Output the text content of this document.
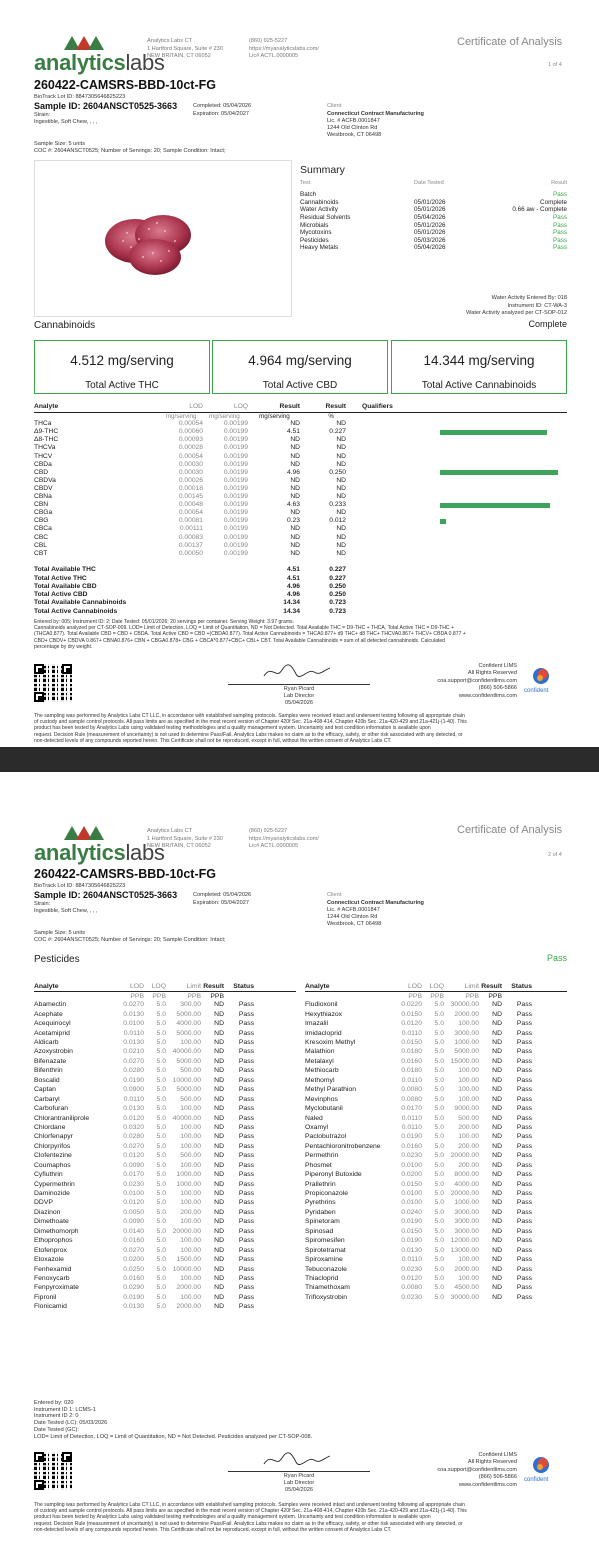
analyticslabs
Analytics Labs CT
1 Hartford Square, Suite # 230
NEW BRITAIN, CT 06052
(860) 925-5227
https://myanalyticslabs.com/
Lic# ACTL.0000005
Certificate of Analysis
1 of 4
260422-CAMSRS-BBD-10ct-FG
BioTrack Lot ID: 8847305646825223
Sample ID: 2604ANSCT0525-3663
Strain:
Ingestible, Soft Chew, , , ,
Completed: 05/04/2026
Expiration: 05/04/2027
Client
Connecticut Contract Manufacturing
Lic. # ACFB.0001847
1244 Old Clinton Rd
Westbrook, CT 06498
Sample Size: 5 units
COC #: 2604ANSCT0525; Number of Servings: 20; Sample Condition: Intact;
Summary
Test	Date Tested	Result
Batch	Pass
Cannabinoids	05/01/2026	Complete
Water Activity	05/01/2026	0.66 aw - Complete
Residual Solvents	05/04/2026	Pass
Microbials	05/01/2026	Pass
Mycotoxins	05/01/2026	Pass
Pesticides	05/03/2026	Pass
Heavy Metals	05/04/2026	Pass
Water Activity Entered By: 018
Instrument ID: CT-WA-3
Water Activity analyzed per CT-SOP-012
Cannabinoids	Complete
4.512 mg/serving
Total Active THC
4.964 mg/serving
Total Active CBD
14.344 mg/serving
Total Active Cannabinoids
Analyte	LOD	LOQ	Result	Result	Qualifiers
mg/serving	mg/serving	mg/serving	%
THCa	0.00054	0.00199	ND	ND
Δ9-THC	0.00060	0.00199	4.51	0.227
Δ8-THC	0.00093	0.00199	ND	ND
THCVa	0.00028	0.00199	ND	ND
THCV	0.00054	0.00199	ND	ND
CBDa	0.00030	0.00199	ND	ND
CBD	0.00030	0.00199	4.96	0.250
CBDVa	0.00026	0.00199	ND	ND
CBDV	0.00018	0.00199	ND	ND
CBNa	0.00145	0.00199	ND	ND
CBN	0.00048	0.00199	4.63	0.233
CBGa	0.00054	0.00199	ND	ND
CBG	0.00081	0.00199	0.23	0.012
CBCa	0.00111	0.00199	ND	ND
CBC	0.00083	0.00199	ND	ND
CBL	0.00137	0.00199	ND	ND
CBT	0.00050	0.00199	ND	ND
Total Available THC	4.51	0.227
Total Active THC	4.51	0.227
Total Available CBD	4.96	0.250
Total Active CBD	4.96	0.250
Total Available Cannabinoids	14.34	0.723
Total Active Cannabinoids	14.34	0.723
Entered by: 005; Instrument ID: 2; Date Tested: 05/01/2026; 20 servings per container. Serving Weight: 3.97 grams.
Cannabinoids analyzed per CT-SOP-009. LOD= Limit of Detection, LOQ = Limit of Quantitation, ND = Not Detected. Total Available THC = D9-THC + THCA. Total Active THC = D9-THC +
(THCA0.877). Total Available CBD = CBD + CBDA. Total Active CBD = CBD +(CBDA0.877). Total Active Cannabinoids = THCA0.877+ d9 THC+ d8 THC+ THCVA0.867+ THCV+ CBDA 0.877 +
CBD+ CBDV+ CBDVA 0.867+ CBNA0.876+ CBN + CBGA0.878+ CBG + CBCA*0.877+CBC+ CBL+ CBT. Total Available Cannabinoids = sum of all detected cannabinoids. Calculated
percentage by dry weight.
Ryan Picard
Lab Director
05/04/2026
Confident LIMS
All Rights Reserved
coa.support@confidentlims.com
(866) 506-5866
www.confidentlims.com
confident
The sampling was performed by Analytics Labs CT LLC, in accordance with established sampling protocols. Samples were received intact and underwent testing following all appropriate chain
of custody and sample control protocols. All pass limits are as specified in the most recent version of Chapter 420f Sec. 21a-408-414, Chapter 420b Sec. 21a-420-429 and 21a-421j-(1-40). This
product has been tested by Analytics Labs using validated testing methodologies and a quality management system. Uncertainty and test condition information is available upon
request. Decision Rule (measurement of uncertainty) is not used to determine Pass/Fail. Analytics Labs makes no claim as to the efficacy, safety, or other risk associated with any detected, or
non-detected levels of any compounds reported herein. This Certificate shall not be reproduced, except in full, without the written consent of Analytics Labs CT.
analyticslabs
Analytics Labs CT
1 Hartford Square, Suite # 230
NEW BRITAIN, CT 06052
(860) 925-5227
https://myanalyticslabs.com/
Lic# ACTL.0000005
Certificate of Analysis
2 of 4
260422-CAMSRS-BBD-10ct-FG
BioTrack Lot ID: 8847305646825223
Sample ID: 2604ANSCT0525-3663
Strain:
Ingestible, Soft Chew, , , ,
Completed: 05/04/2026
Expiration: 05/04/2027
Client
Connecticut Contract Manufacturing
Lic. # ACFB.0001847
1244 Old Clinton Rd
Westbrook, CT 06498
Sample Size: 5 units
COC #: 2604ANSCT0525; Number of Servings: 20; Sample Condition: Intact;
Pesticides	Pass
Analyte	LOD	LOQ	Limit Result	Status
PPB	PPB	PPB	PPB
Abamectin	0.0270	5.0	300.00	ND	Pass
Acephate	0.0130	5.0	5000.00	ND	Pass
Acequinocyl	0.0100	5.0	4000.00	ND	Pass
Acetamiprid	0.0110	5.0	5000.00	ND	Pass
Aldicarb	0.0130	5.0	100.00	ND	Pass
Azoxystrobin	0.0210	5.0 40000.00	ND	Pass
Bifenazate	0.0270	5.0	5000.00	ND	Pass
Bifenthrin	0.0280	5.0	500.00	ND	Pass
Boscalid	0.0190	5.0 10000.00	ND	Pass
Captan	0.0900	5.0	5000.00	ND	Pass
Carbaryl	0.0110	5.0	500.00	ND	Pass
Carbofuran	0.0130	5.0	100.00	ND	Pass
Chlorantraniliprole	0.0120	5.0 40000.00	ND	Pass
Chlordane	0.0320	5.0	100.00	ND	Pass
Chlorfenapyr	0.0280	5.0	100.00	ND	Pass
Chlorpyrifos	0.0270	5.0	100.00	ND	Pass
Clofentezine	0.0120	5.0	500.00	ND	Pass
Coumaphos	0.0090	5.0	100.00	ND	Pass
Cyfluthrin	0.0170	5.0	1000.00	ND	Pass
Cypermethrin	0.0230	5.0	1000.00	ND	Pass
Daminozide	0.0100	5.0	100.00	ND	Pass
DDVP	0.0120	5.0	100.00	ND	Pass
Diazinon	0.0050	5.0	200.00	ND	Pass
Dimethoate	0.0090	5.0	100.00	ND	Pass
Dimethomorph	0.0140	5.0 20000.00	ND	Pass
Ethoprophos	0.0160	5.0	100.00	ND	Pass
Etofenprox	0.0270	5.0	100.00	ND	Pass
Etoxazole	0.0200	5.0	1500.00	ND	Pass
Fenhexamid	0.0250	5.0 10000.00	ND	Pass
Fenoxycarb	0.0160	5.0	100.00	ND	Pass
Fenpyroximate	0.0290	5.0	2000.00	ND	Pass
Fipronil	0.0190	5.0	100.00	ND	Pass
Flonicamid	0.0130	5.0	2000.00	ND	Pass
Analyte	LOD	LOQ	Limit Result	Status
PPB	PPB	PPB	PPB
Fludioxonil	0.0220	5.0 30000.00	ND	Pass
Hexythiazox	0.0150	5.0	2000.00	ND	Pass
Imazalil	0.0120	5.0	100.00	ND	Pass
Imidacloprid	0.0110	5.0	3000.00	ND	Pass
Kresoxim Methyl	0.0150	5.0	1000.00	ND	Pass
Malathion	0.0180	5.0	5000.00	ND	Pass
Metalaxyl	0.0160	5.0 15000.00	ND	Pass
Methiocarb	0.0180	5.0	100.00	ND	Pass
Methomyl	0.0110	5.0	100.00	ND	Pass
Methyl Parathion	0.0080	5.0	100.00	ND	Pass
Mevinphos	0.0080	5.0	100.00	ND	Pass
Myclobutanil	0.0170	5.0	9000.00	ND	Pass
Naled	0.0110	5.0	500.00	ND	Pass
Oxamyl	0.0110	5.0	200.00	ND	Pass
Paclobutrazol	0.0190	5.0	100.00	ND	Pass
Pentachloronitrobenzene	0.0160	5.0	200.00	ND	Pass
Permethrin	0.0230	5.0 20000.00	ND	Pass
Phosmet	0.0100	5.0	200.00	ND	Pass
Piperonyl Butoxide	0.0200	5.0	8000.00	ND	Pass
Prallethrin	0.0150	5.0	4000.00	ND	Pass
Propiconazole	0.0100	5.0 20000.00	ND	Pass
Pyrethrins	0.0100	5.0	1000.00	ND	Pass
Pyridaben	0.0240	5.0	3000.00	ND	Pass
Spinetoram	0.0190	5.0	3000.00	ND	Pass
Spinosad	0.0150	5.0	3000.00	ND	Pass
Spiromesifen	0.0190	5.0 12000.00	ND	Pass
Spirotetramat	0.0130	5.0 13000.00	ND	Pass
Spiroxamine	0.0110	5.0	100.00	ND	Pass
Tebuconazole	0.0230	5.0	2000.00	ND	Pass
Thiacloprid	0.0120	5.0	100.00	ND	Pass
Thiamethoxam	0.0080	5.0	4500.00	ND	Pass
Trifloxystrobin	0.0230	5.0 30000.00	ND	Pass
Entered by: 020
Instrument ID 1: LCMS-1
Instrument ID 2: 0
Date Tested (LC): 05/03/2026
Date Tested (GC):
LOD= Limit of Detection, LOQ = Limit of Quantitation, ND = Not Detected. Pesticides analyzed per CT-SOP-008.
Ryan Picard
Lab Director
05/04/2026
Confident LIMS
All Rights Reserved
coa.support@confidentlims.com
(866) 506-5866
www.confidentlims.com
confident
The sampling was performed by Analytics Labs CT LLC, in accordance with established sampling protocols. Samples were received intact and underwent testing following all appropriate chain
of custody and sample control protocols. All pass limits are as specified in the most recent version of Chapter 420f Sec. 21a-408-414, Chapter 420b Sec. 21a-420-429 and 21a-421j-(1-40). This
product has been tested by Analytics Labs using validated testing methodologies and a quality management system. Uncertainty and test condition information is available upon
request. Decision Rule (measurement of uncertainty) is not used to determine Pass/Fail. Analytics Labs makes no claim as to the efficacy, safety, or other risk associated with any detected, or
non-detected levels of any compounds reported herein. This Certificate shall not be reproduced, except in full, without the written consent of Analytics Labs CT.
